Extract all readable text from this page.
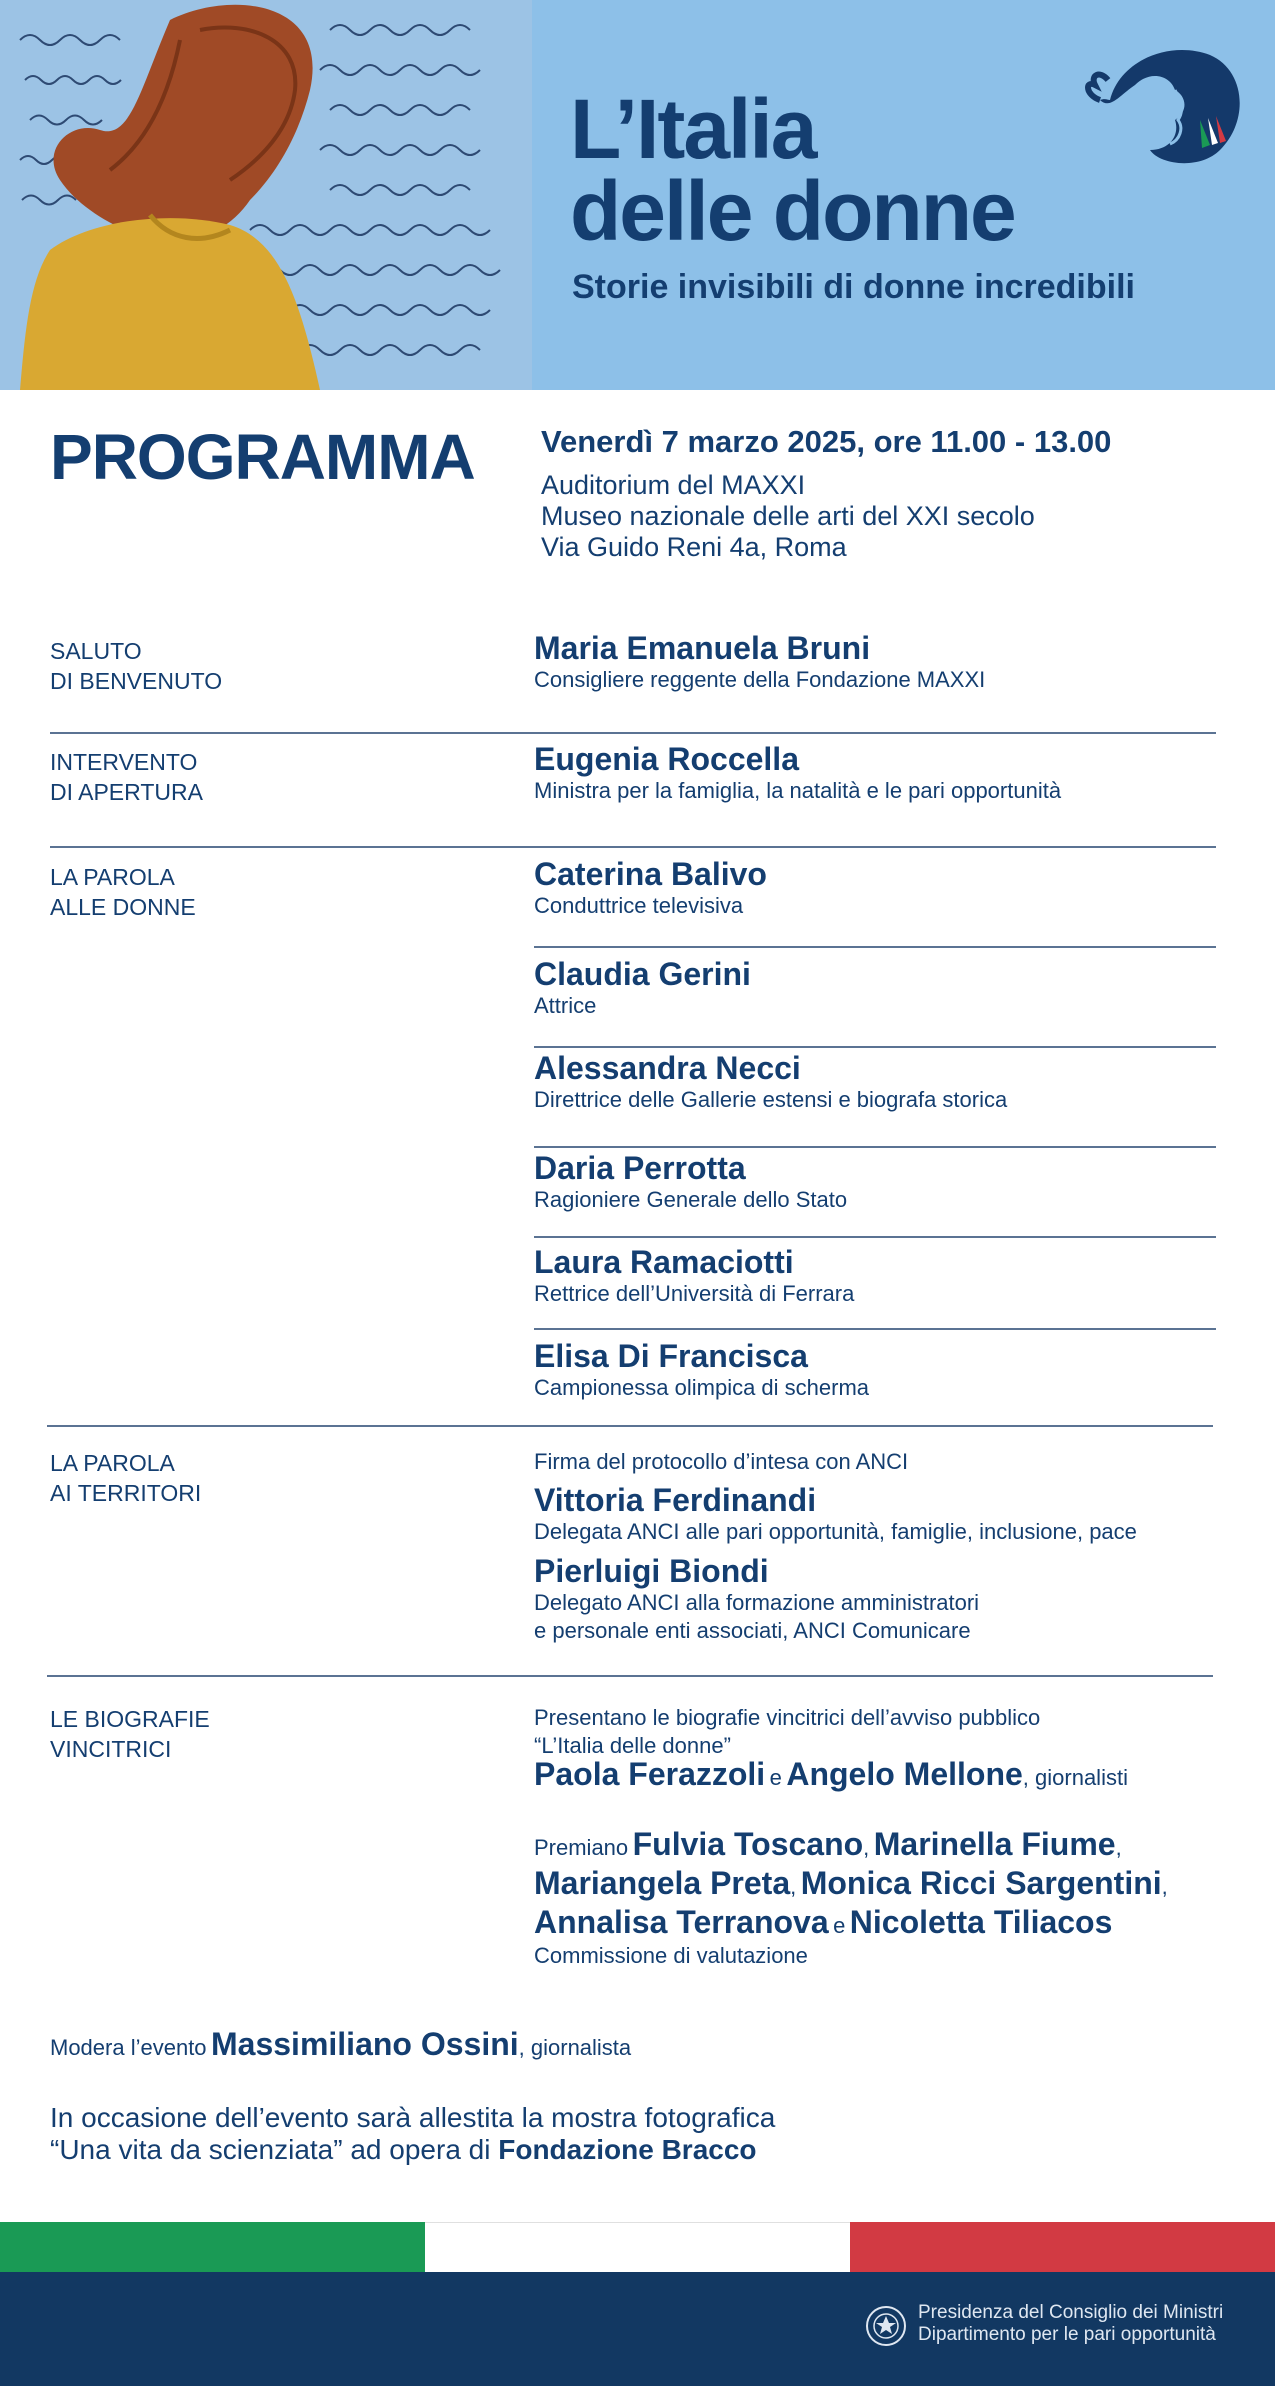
L’Italia
delle donne
Storie invisibili di donne incredibili
PROGRAMMA Venerdì 7 marzo 2025, ore 11.00 - 13.00
Auditorium del MAXXI
Museo nazionale delle arti del XXI secolo
Via Guido Reni 4a, Roma
SALUTO
DI BENVENUTO
Maria Emanuela Bruni
Consigliere reggente della Fondazione MAXXI
INTERVENTO
DI APERTURA
Eugenia Roccella
Ministra per la famiglia, la natalità e le pari opportunità
LA PAROLA
ALLE DONNE
Caterina Balivo
Conduttrice televisiva
Claudia Gerini
Attrice
Alessandra Necci
Direttrice delle Gallerie estensi e biografa storica
Daria Perrotta
Ragioniere Generale dello Stato
Laura Ramaciotti
Rettrice dell’Università di Ferrara
Elisa Di Francisca
Campionessa olimpica di scherma
LA PAROLA
AI TERRITORI
Firma del protocollo d’intesa con ANCI
Vittoria Ferdinandi
Delegata ANCI alle pari opportunità, famiglie, inclusione, pace
Pierluigi Biondi
Delegato ANCI alla formazione amministratori
e personale enti associati, ANCI Comunicare
LE BIOGRAFIE
VINCITRICI
Presentano le biografie vincitrici dell’avviso pubblico
“L’Italia delle donne”
Paola Ferazzoli e Angelo Mellone, giornalisti
Premiano Fulvia Toscano, Marinella Fiume,
Mariangela Preta, Monica Ricci Sargentini,
Annalisa Terranova e Nicoletta Tiliacos
Commissione di valutazione
Modera l’evento Massimiliano Ossini, giornalista
In occasione dell’evento sarà allestita la mostra fotografica
“Una vita da scienziata” ad opera di Fondazione Bracco
Presidenza del Consiglio dei Ministri
Dipartimento per le pari opportunità
